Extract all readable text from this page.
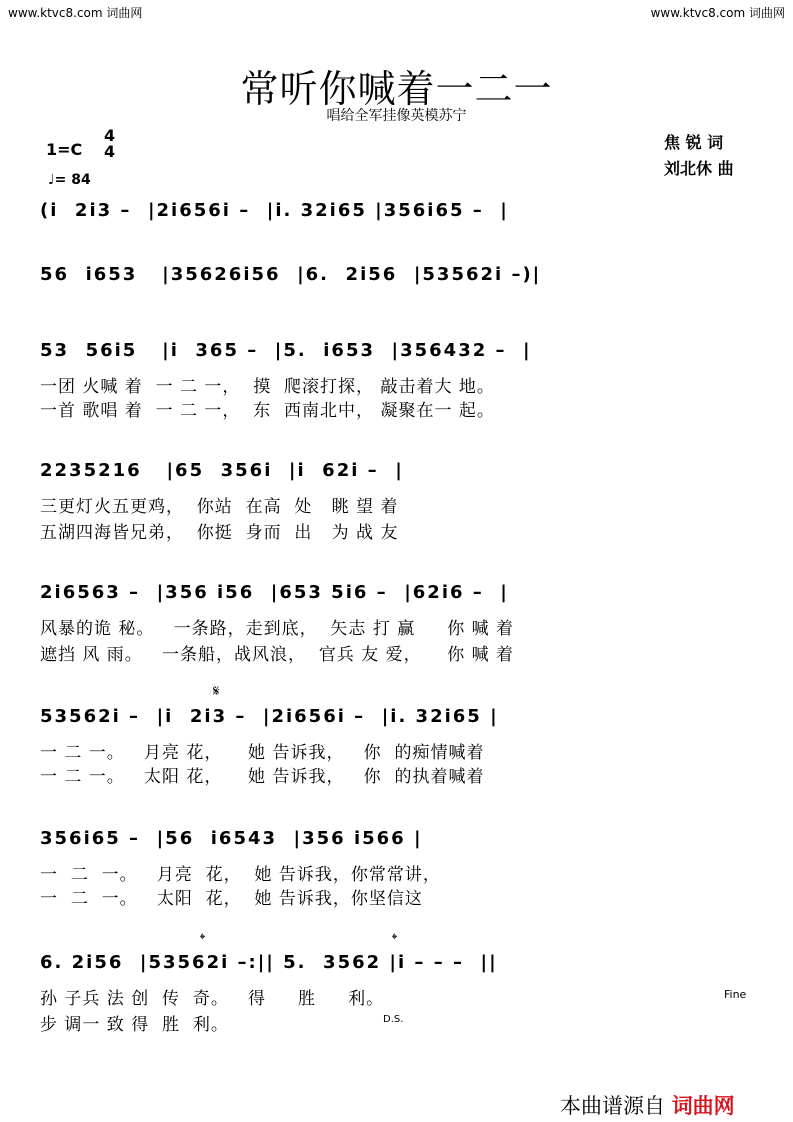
www.ktvc8.com 词曲网	www.ktvc8.com 词曲网
常听你喊着一二一
唱给全军挂像英模苏宁
1=C
4
4
♩= 84
焦 锐 词
刘北休 曲
(i  2i3 –  |2i656i –  |i. 32i65 |356i65 –  |
56  i653   |35626i56  |6.  2i56  |53562i –)|
53  56i5   |i  365 –  |5.  i653  |356432 –  |
一团 火喊 着  一 二 一，  摸  爬滚打探， 敲击着大 地。
一首 歌唱 着  一 二 一，  东  西南北中， 凝聚在一 起。
2235216   |65  356i  |i  62i –  |
三更灯火五更鸡，  你站  在高  处   眺 望 着
五湖四海皆兄弟，  你挺  身而  出   为 战 友
2i6563 –  |356 i56  |653 5i6 –  |62i6 –  |
风暴的诡 秘。   一条路，走到底，  矢志 打 赢     你 喊 着
遮挡 风 雨。   一条船，战风浪，  官兵 友 爱，    你 喊 着
𝄋
53562i –  |i  2i3 –  |2i656i –  |i. 32i65 |
一 二 一。   月亮 花，    她 告诉我，   你  的痴情喊着
一 二 一。   太阳 花，    她 告诉我，   你  的执着喊着
356i65 –  |56  i6543  |356 i566 |
一  二  一。   月亮  花，  她 告诉我，你常常讲，
一  二  一。   太阳  花，  她 告诉我，你坚信这
𝄌	𝄌
6. 2i56  |53562i –:|| 5.  3562 |i – – –  ||
孙 子兵 法 创  传  奇。   得     胜     利。
步 调一 致 得  胜  利。
Fine
D.S.
本曲谱源自 词曲网
